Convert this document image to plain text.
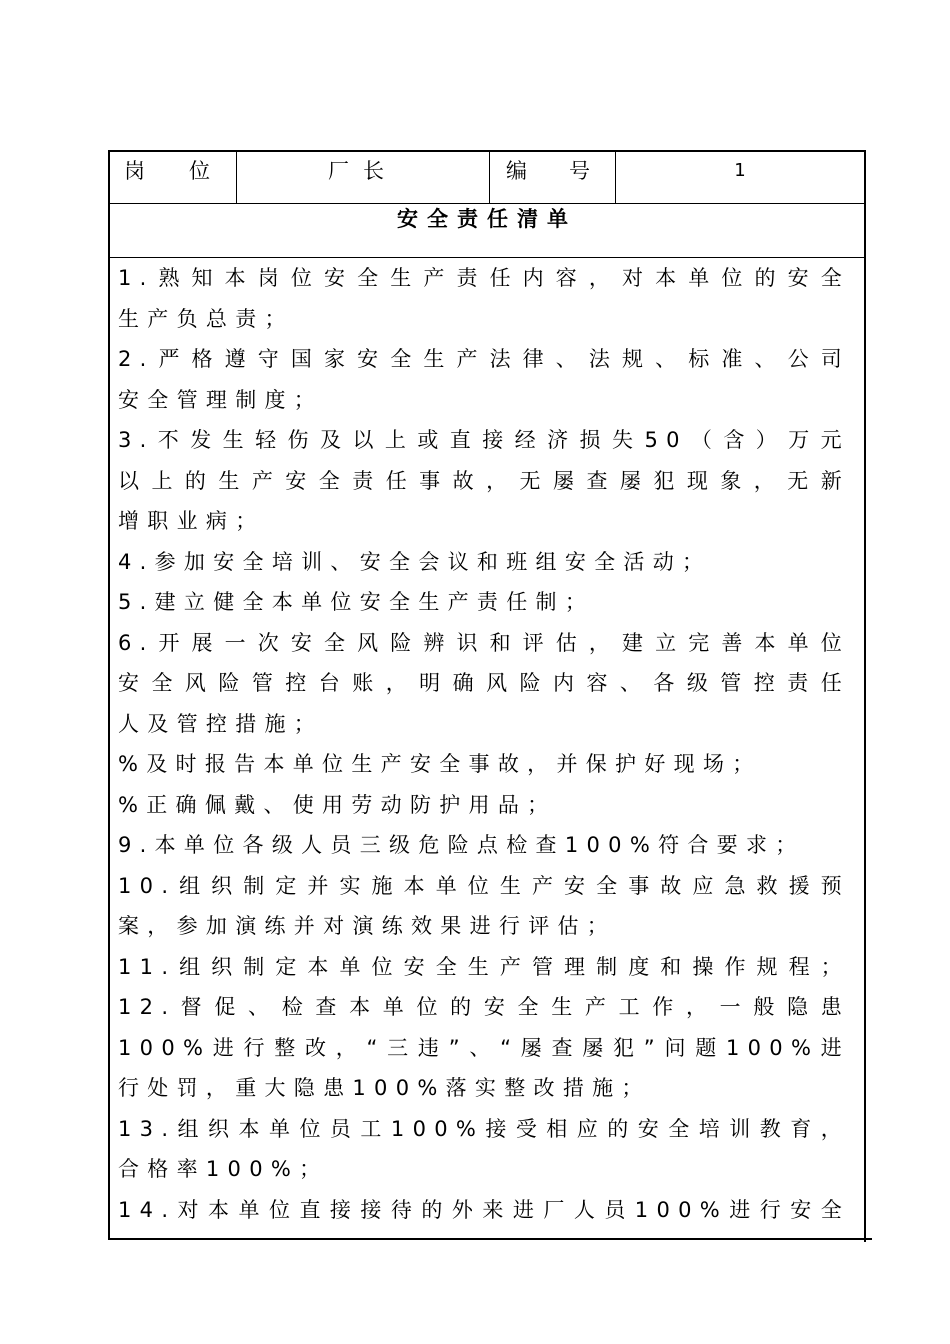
岗 位	厂长	编 号	1
安全责任清单
1.熟知本岗位安全生产责任内容，对本单位的安全
生产负总责；
2.严格遵守国家安全生产法律、法规、标准、公司
安全管理制度；
3.不发生轻伤及以上或直接经济损失50（含）万元
以上的生产安全责任事故，无屡查屡犯现象，无新
增职业病；
4.参加安全培训、安全会议和班组安全活动；
5.建立健全本单位安全生产责任制；
6.开展一次安全风险辨识和评估，建立完善本单位
安全风险管控台账，明确风险内容、各级管控责任
人及管控措施；
%及时报告本单位生产安全事故，并保护好现场；
%正确佩戴、使用劳动防护用品；
9.本单位各级人员三级危险点检查100%符合要求；
10.组织制定并实施本单位生产安全事故应急救援预
案，参加演练并对演练效果进行评估；
11.组织制定本单位安全生产管理制度和操作规程；
12.督促、检查本单位的安全生产工作，一般隐患
100%进行整改，“三违”、“屡查屡犯”问题100%进
行处罚，重大隐患100%落实整改措施；
13.组织本单位员工100%接受相应的安全培训教育，
合格率100%；
14.对本单位直接接待的外来进厂人员100%进行安全
